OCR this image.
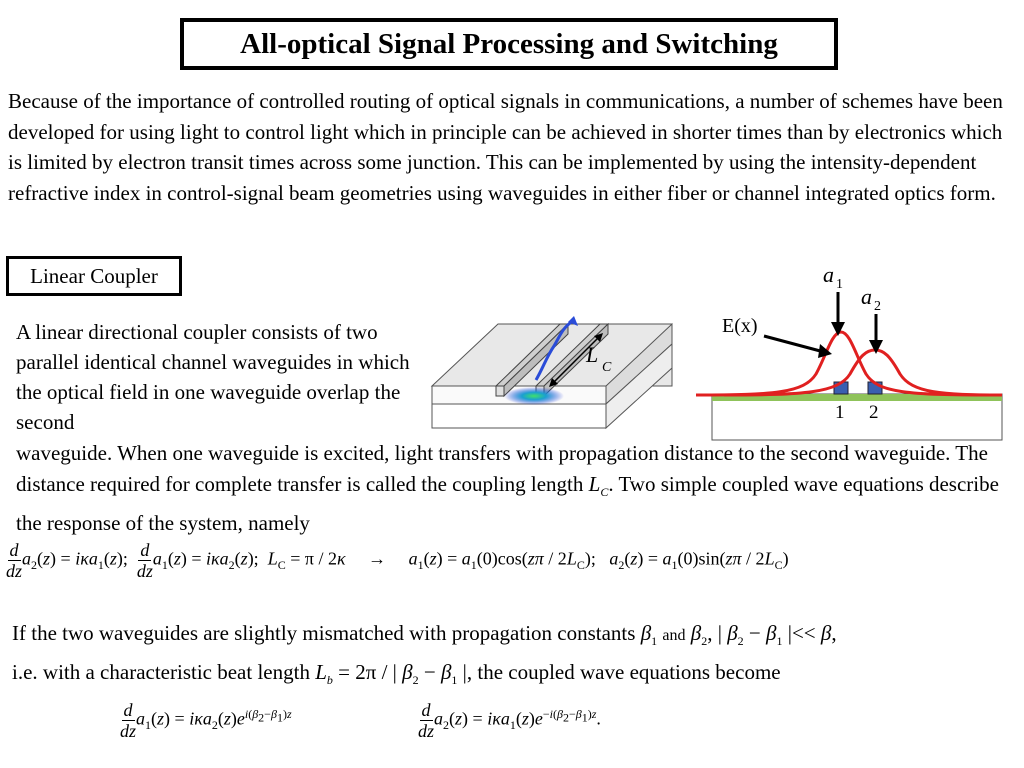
All-optical Signal Processing and Switching
Because of the importance of controlled routing of optical signals in communications, a number of schemes have been developed for using light to control light which in principle can be achieved in shorter times than by electronics which is limited by electron transit times across some junction. This can be implemented by using the intensity-dependent refractive index in control-signal beam geometries using waveguides in either fiber or channel integrated optics form.
Linear Coupler
A linear directional coupler consists of two parallel identical channel waveguides in which the optical field in one waveguide overlap the second
waveguide. When one waveguide is excited, light transfers with propagation distance to the second waveguide. The distance required for complete transfer is called the coupling length $L_C$. Two simple coupled wave equations describe the response of the system, namely
L
C
E(x)
a 1 a 2
1 2
$\frac{d}{dz} a_2(z) = i\kappa a_1(z)$; $\frac{d}{dz} a_1(z) = i\kappa a_2(z)$;  $L_C = \pi / 2\kappa$     →     $a_1(z) = a_1(0)\cos(z\pi / 2L_C)$;   $a_2(z) = a_1(0)\sin(z\pi / 2L_C)$
If the two waveguides are slightly mismatched with propagation constants $\beta_1$ and $\beta_2$, | $\beta_2 - \beta_1$ |<< β,
i.e. with a characteristic beat length $L_b = 2\pi$ / | $\beta_2 - \beta_1$ |, the coupled wave equations become
$\frac{d}{dz} a_1(z) = i\kappa a_2(z)e^{i(\beta_2-\beta_1)z}$	$\frac{d}{dz} a_2(z) = i\kappa a_1(z)e^{-i(\beta_2-\beta_1)z}$.
